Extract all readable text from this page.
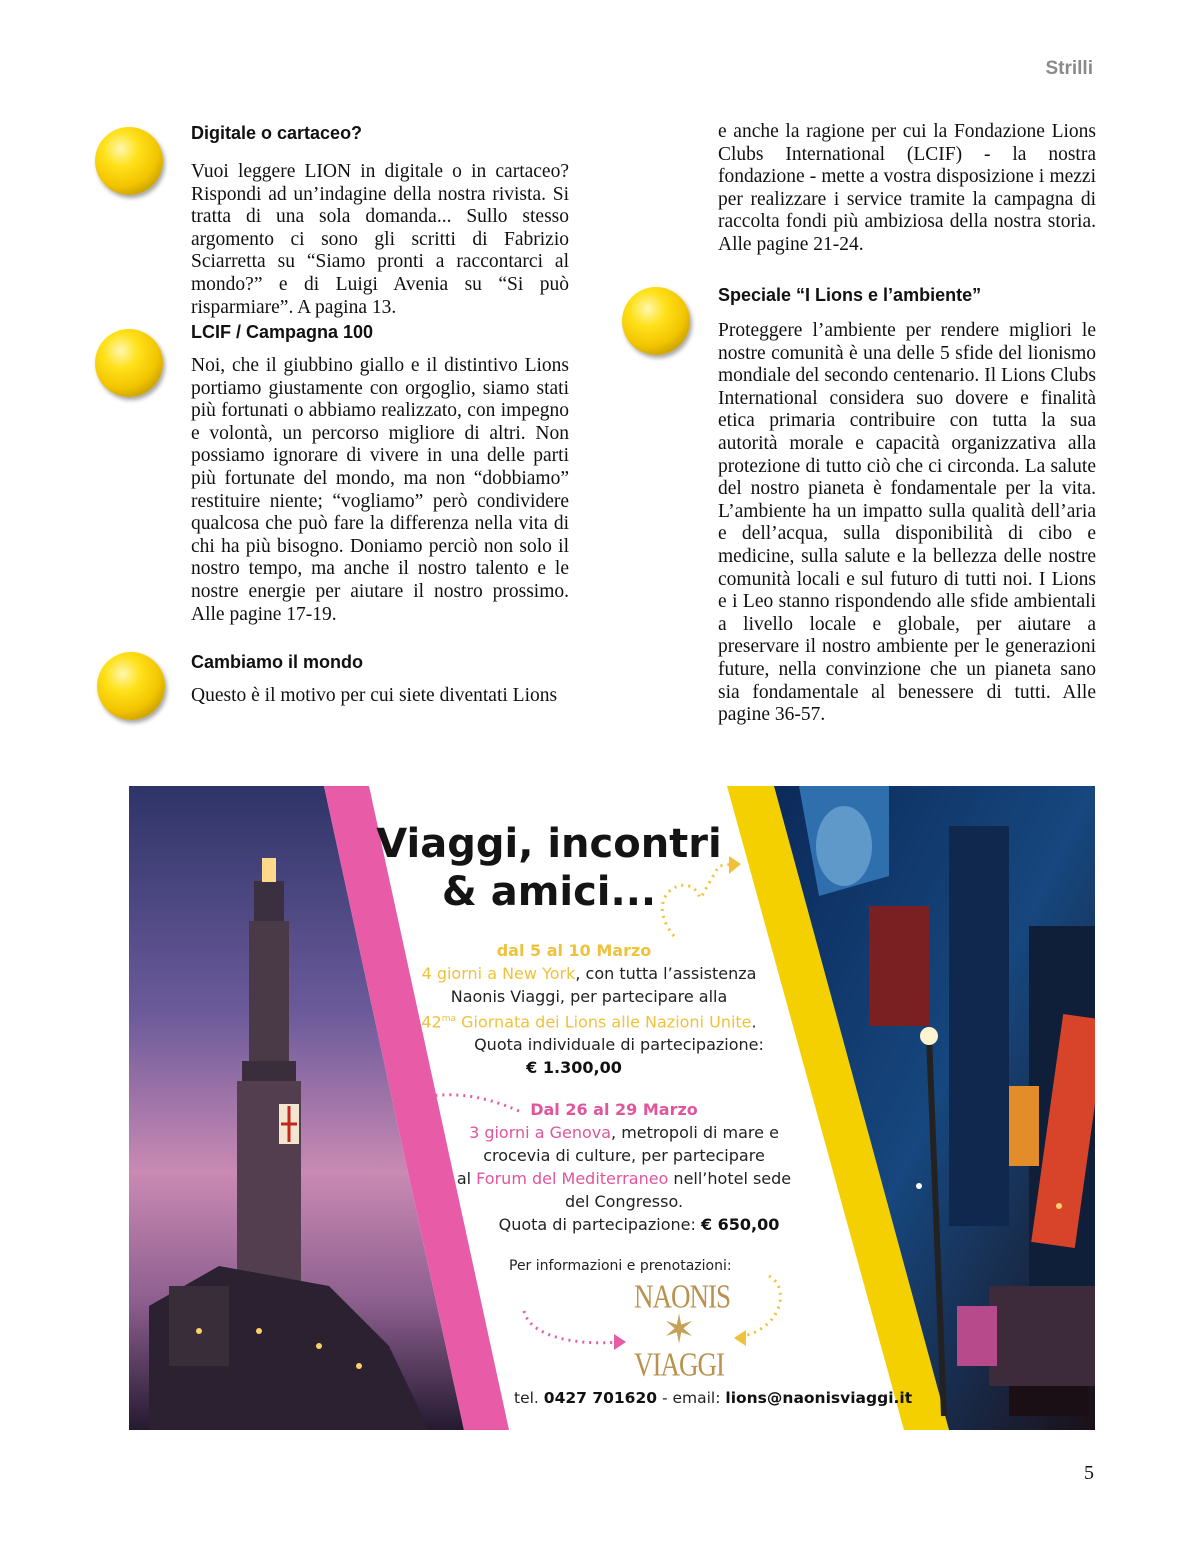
Strilli
Digitale o cartaceo?

Vuoi leggere LION in digitale o in cartaceo? Rispondi ad un’indagine della nostra rivista. Si tratta di una sola domanda... Sullo stesso argomento ci sono gli scritti di Fabrizio Sciarretta su “Siamo pronti a raccontarci al mondo?” e di Luigi Avenia su “Si può risparmiare”. A pagina 13.

LCIF / Campagna 100

Noi, che il giubbino giallo e il distintivo Lions portiamo giustamente con orgoglio, siamo stati più fortunati o abbiamo realizzato, con impegno e volontà, un percorso migliore di altri. Non possiamo ignorare di vivere in una delle parti più fortunate del mondo, ma non “dobbiamo” restituire niente; “vogliamo” però condividere qualcosa che può fare la differenza nella vita di chi ha più bisogno. Doniamo perciò non solo il nostro tempo, ma anche il nostro talento e le nostre energie per aiutare il nostro prossimo. Alle pagine 17-19.

Cambiamo il mondo

Questo è il motivo per cui siete diventati Lions

e anche la ragione per cui la Fondazione Lions Clubs International (LCIF) - la nostra fondazione - mette a vostra disposizione i mezzi per realizzare i service tramite la campagna di raccolta fondi più ambiziosa della nostra storia. Alle pagine 21-24.

Speciale “I Lions e l’ambiente”

Proteggere l’ambiente per rendere migliori le nostre comunità è una delle 5 sfide del lionismo mondiale del secondo centenario. Il Lions Clubs International considera suo dovere e finalità etica primaria contribuire con tutta la sua autorità morale e capacità organizzativa alla protezione di tutto ciò che ci circonda. La salute del nostro pianeta è fondamentale per la vita. L’ambiente ha un impatto sulla qualità dell’aria e dell’acqua, sulla disponibilità di cibo e medicine, sulla salute e la bellezza delle nostre comunità locali e sul futuro di tutti noi. I Lions e i Leo stanno rispondendo alle sfide ambientali a livello locale e globale, per aiutare a preservare il nostro ambiente per le generazioni future, nella convinzione che un pianeta sano sia fondamentale al benessere di tutti. Alle pagine 36-57.

Viaggi, incontri
& amici...
dal 5 al 10 Marzo
4 giorni a New York, con tutta l’assistenza
Naonis Viaggi, per partecipare alla
$42^{ma}$ Giornata dei Lions alle Nazioni Unite.
Quota individuale di partecipazione:
€ 1.300,00
Dal 26 al 29 Marzo
3 giorni a Genova, metropoli di mare e
crocevia di culture, per partecipare
al Forum del Mediterraneo nell’hotel sede
del Congresso.
Quota di partecipazione: € 650,00
Per informazioni e prenotazioni:
NAONIS
✶
VIAGGI
tel. 0427 701620 - email: lions@naonisviaggi.it
5
